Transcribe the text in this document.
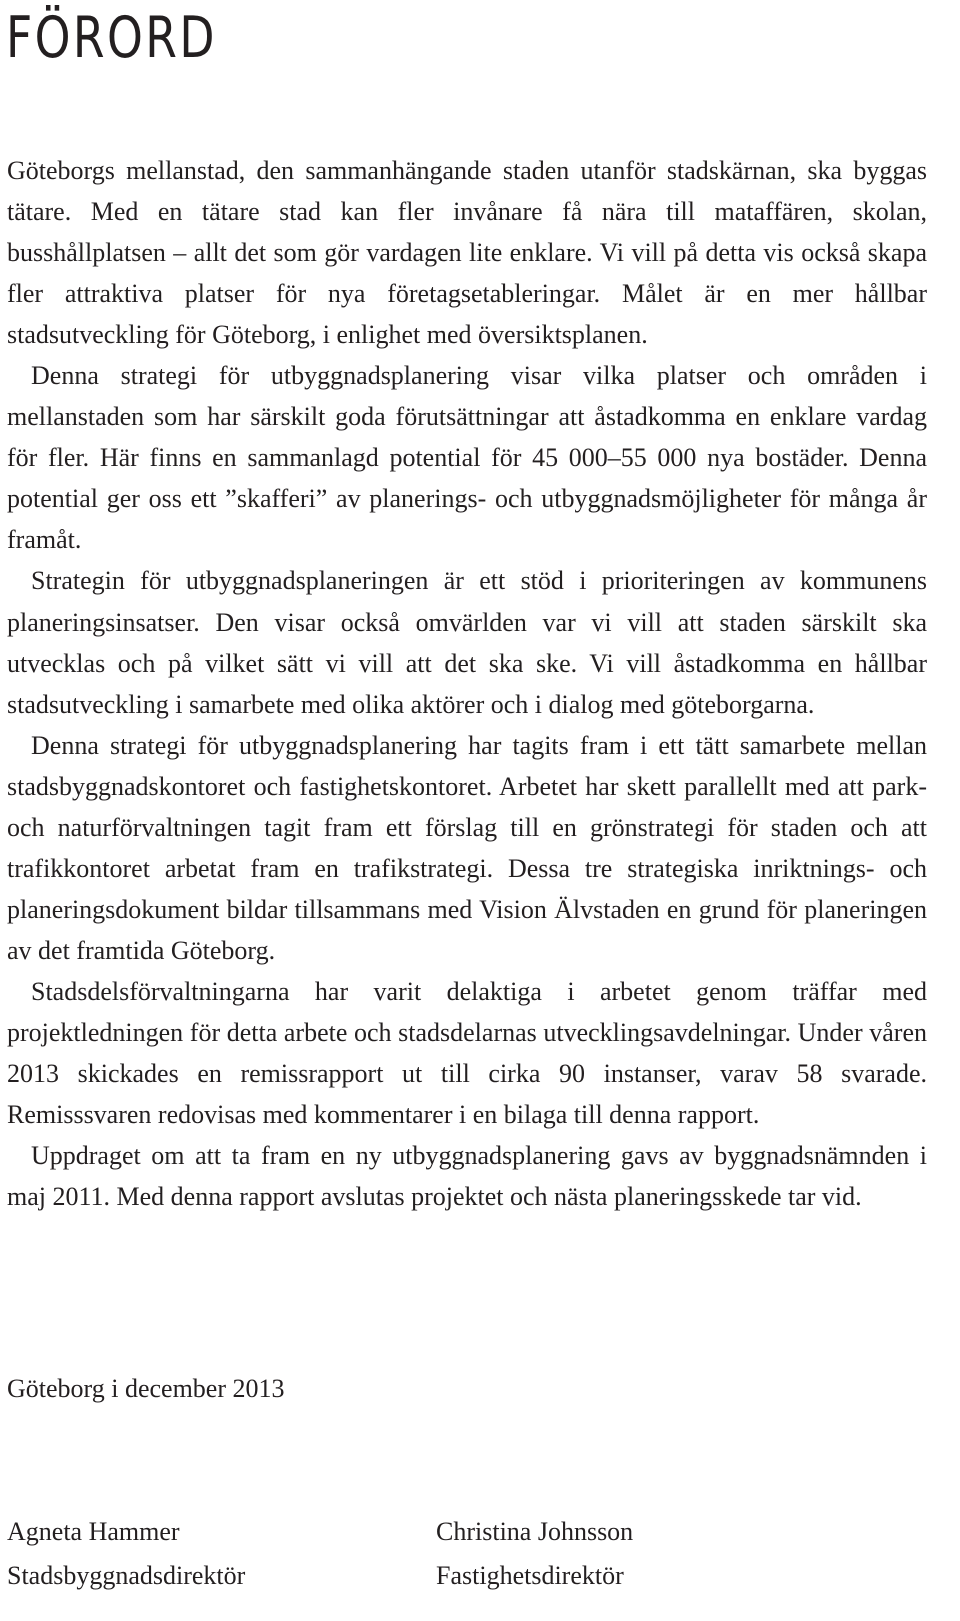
FÖRORD

Göteborgs mellanstad, den sammanhängande staden utanför stadskärnan, ska byggas tätare. Med en tätare stad kan fler invånare få nära till mataffären, skolan, busshållplatsen – allt det som gör vardagen lite enklare. Vi vill på detta vis också skapa fler attraktiva platser för nya företagsetableringar. Målet är en mer hållbar stadsutveckling för Göteborg, i enlighet med översiktsplanen.

Denna strategi för utbyggnadsplanering visar vilka platser och områden i mellanstaden som har särskilt goda förutsättningar att åstadkomma en enklare vardag för fler. Här finns en sammanlagd potential för 45 000–55 000 nya bostäder. Denna potential ger oss ett ”skafferi” av planerings- och utbyggnadsmöjligheter för många år framåt.

Strategin för utbyggnadsplaneringen är ett stöd i prioriteringen av kommunens planeringsinsatser. Den visar också omvärlden var vi vill att staden särskilt ska utvecklas och på vilket sätt vi vill att det ska ske. Vi vill åstadkomma en hållbar stadsutveckling i samarbete med olika aktörer och i dialog med göteborgarna.

Denna strategi för utbyggnadsplanering har tagits fram i ett tätt samarbete mellan stadsbyggnadskontoret och fastighetskontoret. Arbetet har skett parallellt med att park- och naturförvaltningen tagit fram ett förslag till en grönstrategi för staden och att trafikkontoret arbetat fram en trafikstrategi. Dessa tre strategiska inriktnings- och planeringsdokument bildar tillsammans med Vision Älvstaden en grund för planeringen av det framtida Göteborg.

Stadsdelsförvaltningarna har varit delaktiga i arbetet genom träffar med projektledningen för detta arbete och stadsdelarnas utvecklingsavdelningar. Under våren 2013 skickades en remissrapport ut till cirka 90 instanser, varav 58 svarade. Remisssvaren redovisas med kommentarer i en bilaga till denna rapport.

Uppdraget om att ta fram en ny utbyggnadsplanering gavs av byggnadsnämnden i maj 2011. Med denna rapport avslutas projektet och nästa planeringsskede tar vid.

Göteborg i december 2013

Agneta Hammer
Stadsbyggnadsdirektör
Christina Johnsson
Fastighetsdirektör
